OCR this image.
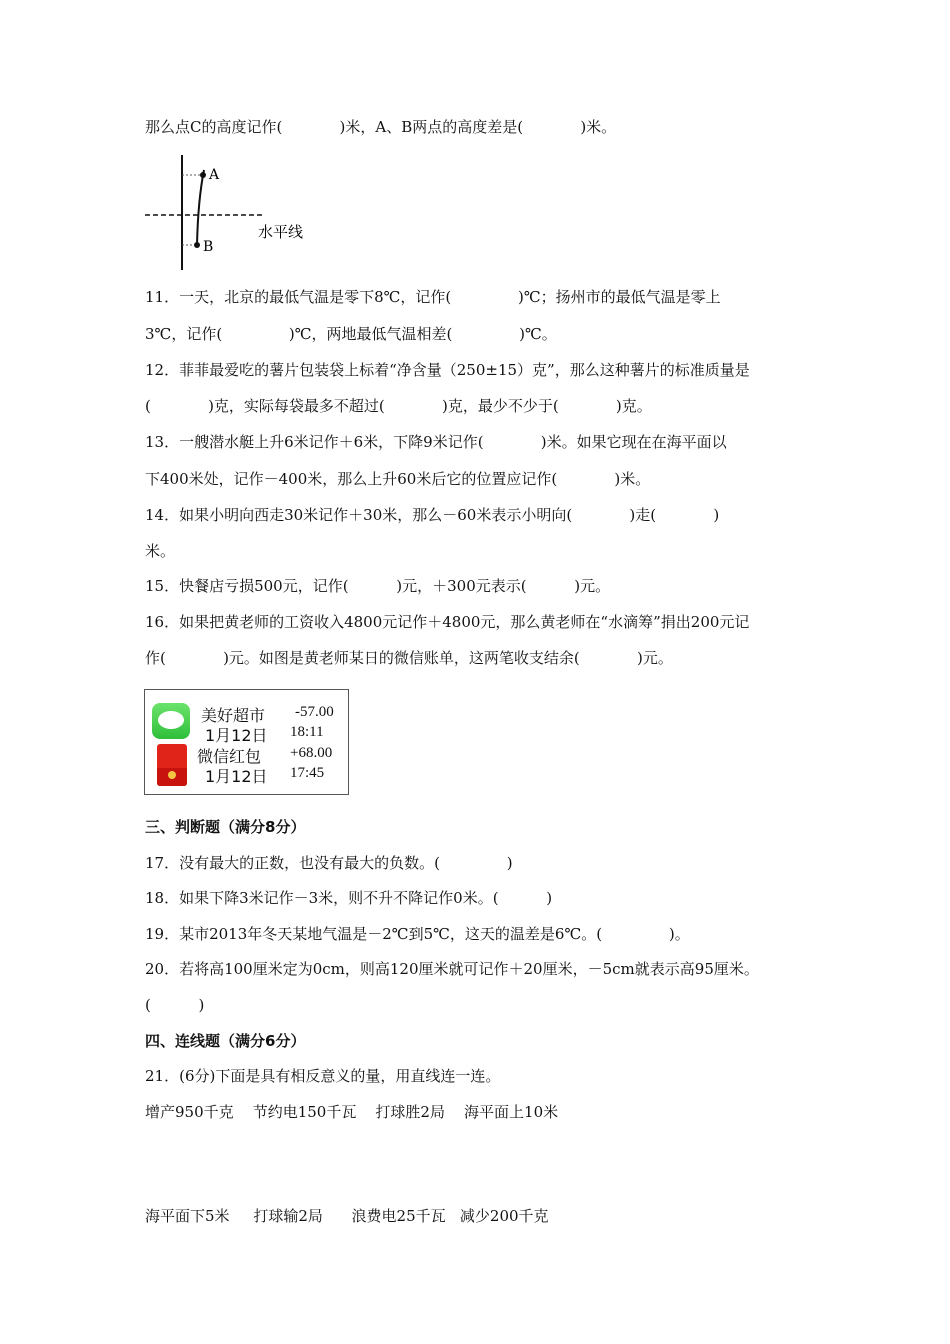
那么点C的高度记作(            )米，A、B两点的高度差是(            )米。
A
B
水平线
11．一天，北京的最低气温是零下8℃，记作(              )℃；扬州市的最低气温是零上
3℃，记作(              )℃，两地最低气温相差(              )℃。
12．菲菲最爱吃的薯片包装袋上标着“净含量（250±15）克”，那么这种薯片的标准质量是
(            )克，实际每袋最多不超过(            )克，最少不少于(            )克。
13．一艘潜水艇上升6米记作＋6米，下降9米记作(            )米。如果它现在在海平面以
下400米处，记作－400米，那么上升60米后它的位置应记作(            )米。
14．如果小明向西走30米记作＋30米，那么－60米表示小明向(            )走(            )
米。
15．快餐店亏损500元，记作(          )元，＋300元表示(          )元。
16．如果把黄老师的工资收入4800元记作＋4800元，那么黄老师在“水滴筹”捐出200元记
作(            )元。如图是黄老师某日的微信账单，这两笔收支结余(            )元。
美好超市 -57.00
1月12日 18:11
微信红包 +68.00
1月12日 17:45
三、判断题（满分8分）
17．没有最大的正数，也没有最大的负数。(              )
18．如果下降3米记作－3米，则不升不降记作0米。(          )
19．某市2013年冬天某地气温是－2℃到5℃，这天的温差是6℃。(              )。
20．若将高100厘米定为0cm，则高120厘米就可记作＋20厘米，－5cm就表示高95厘米。
(          )
四、连线题（满分6分）
21．(6分)下面是具有相反意义的量，用直线连一连。
增产950千克    节约电150千瓦    打球胜2局    海平面上10米
海平面下5米     打球输2局      浪费电25千瓦   减少200千克
